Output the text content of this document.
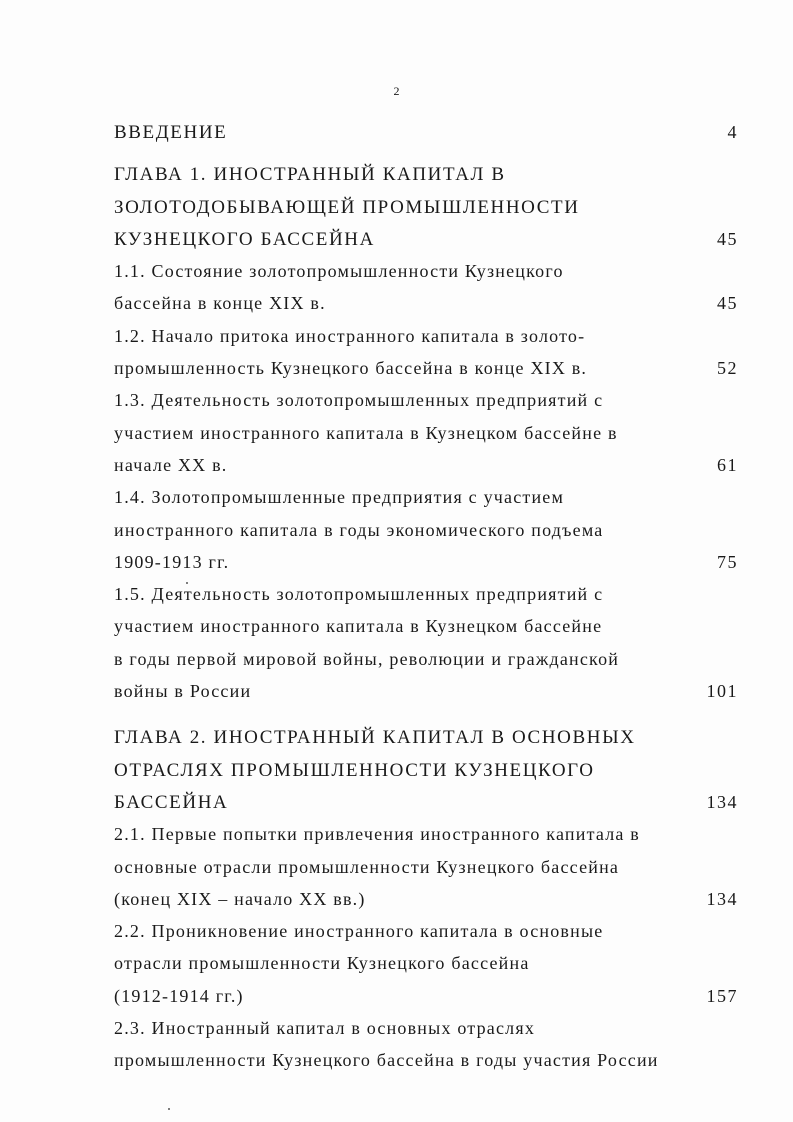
2
ВВЕДЕНИЕ	4
ГЛАВА 1. ИНОСТРАННЫЙ КАПИТАЛ В
ЗОЛОТОДОБЫВАЮЩЕЙ ПРОМЫШЛЕННОСТИ
КУЗНЕЦКОГО БАССЕЙНА	45
1.1. Состояние золотопромышленности Кузнецкого
бассейна в конце XIX в.	45
1.2. Начало притока иностранного капитала в золото-
промышленность Кузнецкого бассейна в конце XIX в.	52
1.3. Деятельность золотопромышленных предприятий с
участием иностранного капитала в Кузнецком бассейне в
начале XX в.	61
1.4. Золотопромышленные предприятия с участием
иностранного капитала в годы экономического подъема
1909-1913 гг.	75
1.5. Деятельность золотопромышленных предприятий с
участием иностранного капитала в Кузнецком бассейне
в годы первой мировой войны, революции и гражданской
войны в России	101
ГЛАВА 2. ИНОСТРАННЫЙ КАПИТАЛ В ОСНОВНЫХ
ОТРАСЛЯХ ПРОМЫШЛЕННОСТИ КУЗНЕЦКОГО
БАССЕЙНА	134
2.1. Первые попытки привлечения иностранного капитала в
основные отрасли промышленности Кузнецкого бассейна
(конец XIX – начало XX вв.)	134
2.2. Проникновение иностранного капитала в основные
отрасли промышленности Кузнецкого бассейна
(1912-1914 гг.)	157
2.3. Иностранный капитал в основных отраслях
промышленности Кузнецкого бассейна в годы участия России
